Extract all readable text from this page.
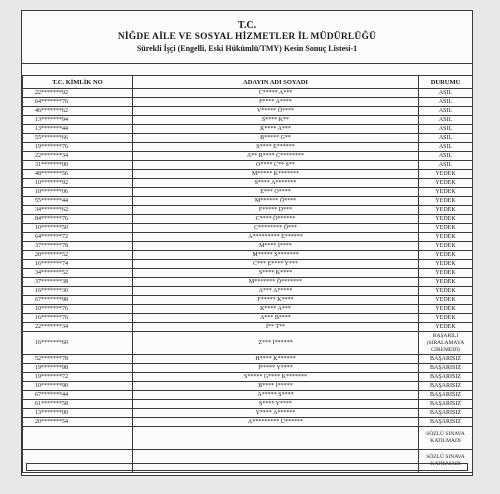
T.C.
NİĞDE AİLE VE SOSYAL HİZMETLER İL MÜDÜRLÜĞÜ
Sürekli İşçi (Engelli, Eski Hükümlü/TMY) Kesin Sonuç Listesi-1
T.C. KİMLİK NO	ADAYIN ADI SOYADI	DURUMU
22*******92	C***** A***	ASIL
64*******76	F**** A****	ASIL
46*******62	V***** Ö****	ASIL
13*******94	S**** K**	ASIL
13*******44	K**** A***	ASIL
55*******66	B***** G**	ASIL
19*******76	S**** E******	ASIL
22*******34	A** R**** C********	ASIL
31*******00	O**** C** S**	ASIL
48*******56	M***** K*******	YEDEK
10*******92	S**** A*******	YEDEK
10*******06	E*** O****	YEDEK
55*******44	M****** Ö****	YEDEK
34*******62	F***** D***	YEDEK
84*******76	C**** Ö******	YEDEK
10*******50	C******** Ö***	YEDEK
64*******72	A********* E******	YEDEK
37*******78	M**** İ****	YEDEK
20*******52	M***** S*******	YEDEK
16*******74	C*** E**** Y***	YEDEK
34*******52	S**** K****	YEDEK
37*******38	M******* Ö*******	YEDEK
16*******30	A*** A*****	YEDEK
67*******98	F***** K****	YEDEK
10*******76	K**** A***	YEDEK
16*******76	A*** B****	YEDEK
22*******34	İ** T**	YEDEK
16*******60	Z*** İ******	BAŞARILI (SIRALAMAYA GİREMEDİ)
52*******78	H**** K******	BAŞARISIZ
19*******98	İ***** Y****	BAŞARISIZ
19*******72	S***** G**** K*******	BAŞARISIZ
10*******90	B**** İ*****	BAŞARISIZ
67*******44	A***** S****	BAŞARISIZ
61*******58	S**** Y****	BAŞARISIZ
13*******00	Y**** A******	BAŞARISIZ
20*******54	A********* U******	BAŞARISIZ
		SÖZLÜ SINAVA KATILMADI
		SÖZLÜ SINAVA KATILMADI
